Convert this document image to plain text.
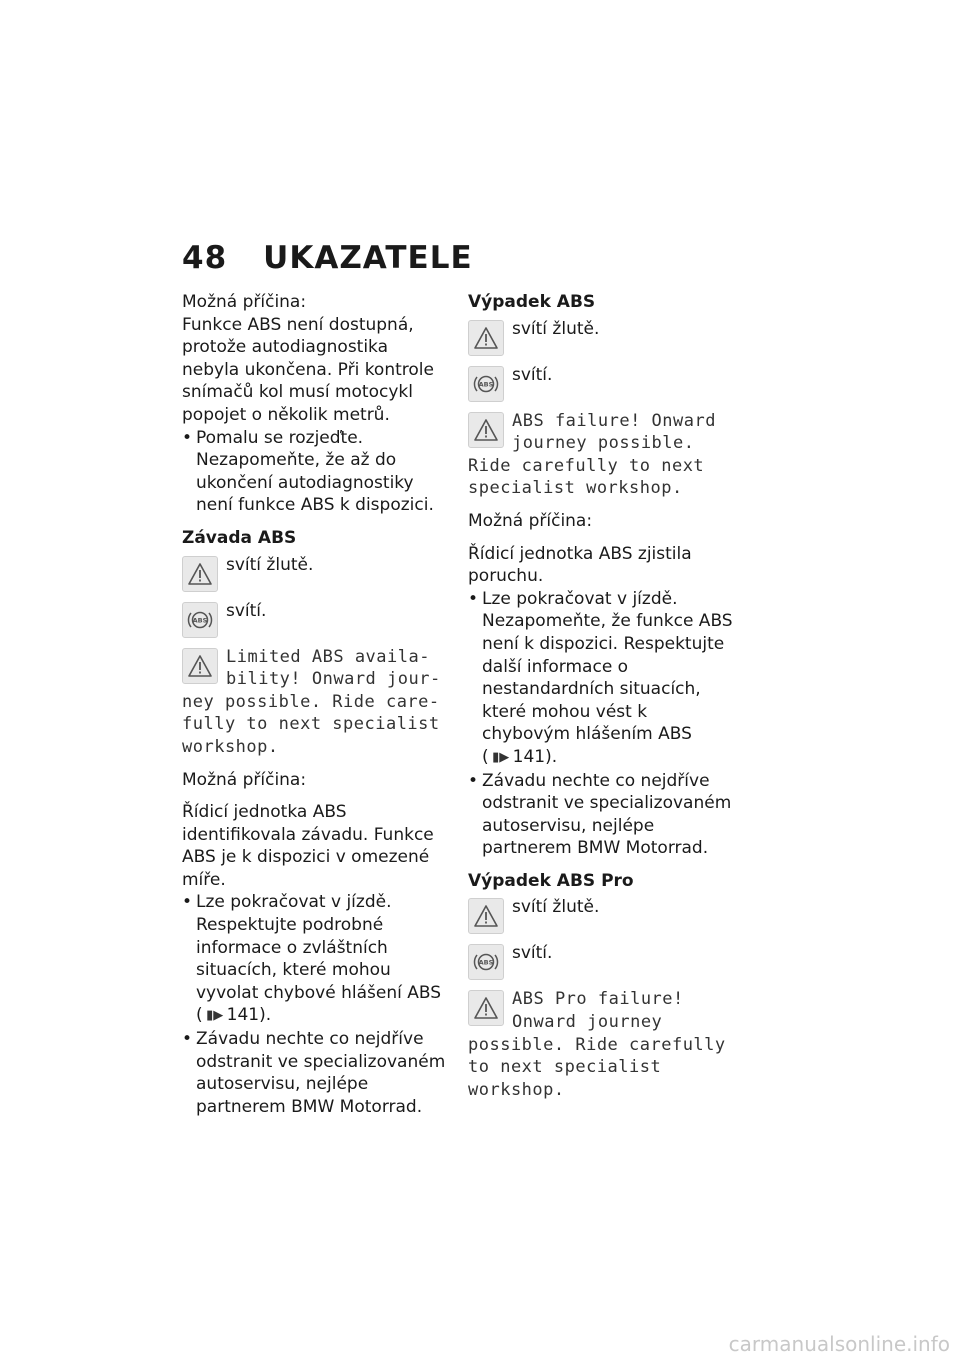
48 UKAZATELE

Možná příčina:

Funkce ABS není dostupná, protože autodiagnostika nebyla ukončena. Při kontrole snímačů kol musí motocykl popojet o několik metrů.

• Pomalu se rozjeďte. Nezapomeňte, že až do ukončení autodiagnostiky není funkce ABS k dispozici.

Závada ABS

svítí žlutě.
ABS svítí.
Limited ABS availa- bility! Onward jour-ney possible. Ride care-fully to next specialist workshop.

Možná příčina:

Řídicí jednotka ABS identifikovala závadu. Funkce ABS je k dispozici v omezené míře.

• Lze pokračovat v jízdě. Respektujte podrobné informace o zvláštních situacích, které mohou vyvolat chybové hlášení ABS ( ▮▶ 141).

• Závadu nechte co nejdříve odstranit ve specializovaném autoservisu, nejlépe partnerem BMW Motorrad.

Výpadek ABS

svítí žlutě.
ABS svítí.
ABS failure! Onward journey possible. Ride carefully to next specialist workshop.

Možná příčina:

Řídicí jednotka ABS zjistila poruchu.

• Lze pokračovat v jízdě. Nezapomeňte, že funkce ABS není k dispozici. Respektujte další informace o nestandardních situacích, které mohou vést k chybovým hlášením ABS ( ▮▶ 141).

• Závadu nechte co nejdříve odstranit ve specializovaném autoservisu, nejlépe partnerem BMW Motorrad.

Výpadek ABS Pro

svítí žlutě.
ABS svítí.
ABS Pro failure! Onward journey possible. Ride carefully to next specialist workshop.
carmanualsonline.info
